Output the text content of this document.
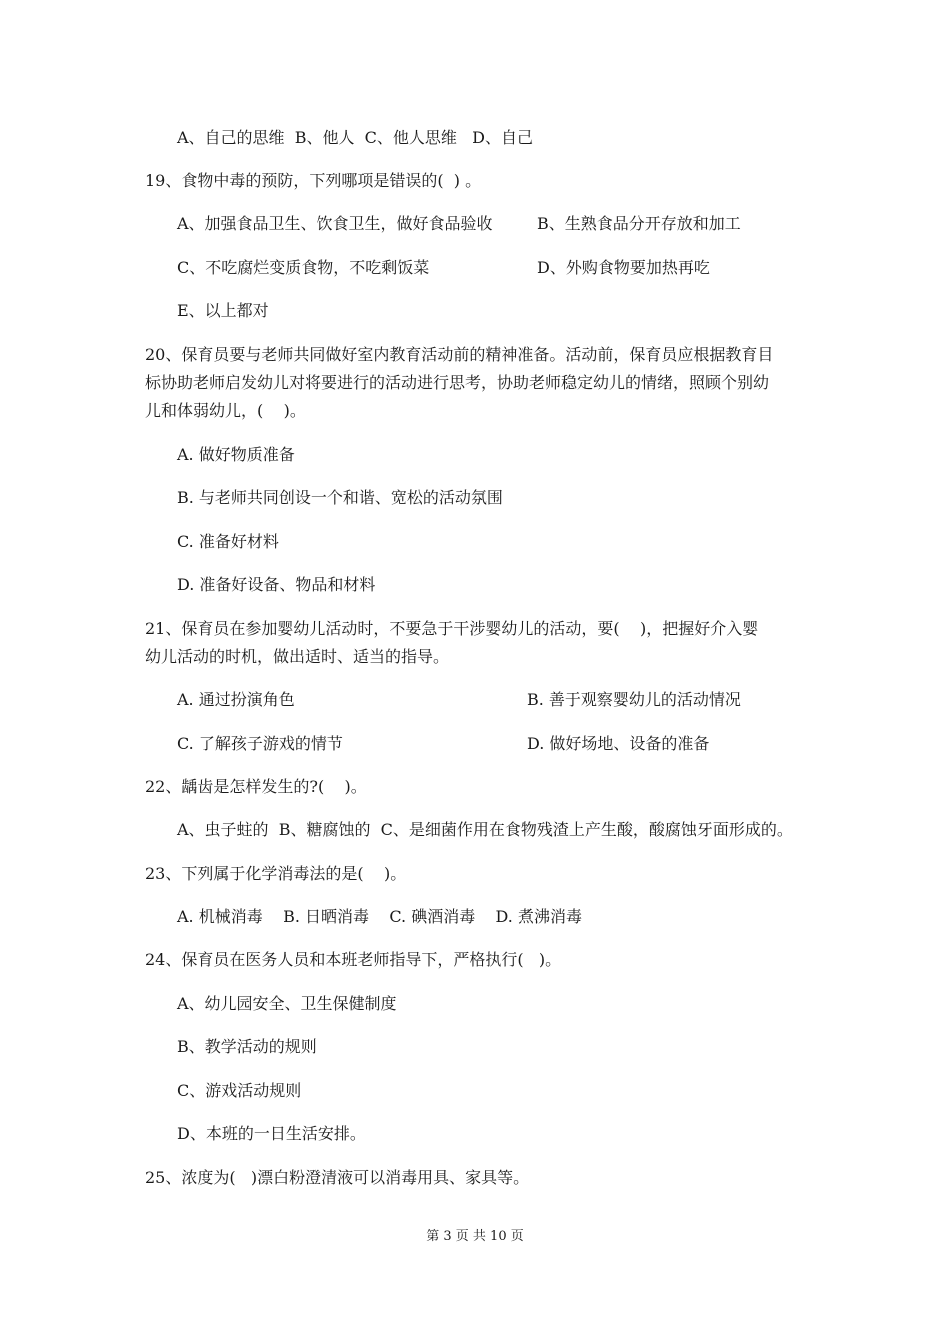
A、自己的思维  B、他人  C、他人思维   D、自己
19、食物中毒的预防，下列哪项是错误的(  ) 。
A、加强食品卫生、饮食卫生，做好食品验收	B、生熟食品分开存放和加工
C、不吃腐烂变质食物，不吃剩饭菜	D、外购食物要加热再吃
E、以上都对
20、保育员要与老师共同做好室内教育活动前的精神准备。活动前，保育员应根据教育目
标协助老师启发幼儿对将要进行的活动进行思考，协助老师稳定幼儿的情绪，照顾个别幼
儿和体弱幼儿，(    )。
A. 做好物质准备
B. 与老师共同创设一个和谐、宽松的活动氛围
C. 准备好材料
D. 准备好设备、物品和材料
21、保育员在参加婴幼儿活动时，不要急于干涉婴幼儿的活动，要(    )，把握好介入婴
幼儿活动的时机，做出适时、适当的指导。
A. 通过扮演角色	B. 善于观察婴幼儿的活动情况
C. 了解孩子游戏的情节	D. 做好场地、设备的准备
22、龋齿是怎样发生的?(    )。
A、虫子蛀的  B、糖腐蚀的  C、是细菌作用在食物残渣上产生酸，酸腐蚀牙面形成的。
23、下列属于化学消毒法的是(    )。
A. 机械消毒    B. 日晒消毒    C. 碘酒消毒    D. 煮沸消毒
24、保育员在医务人员和本班老师指导下，严格执行(   )。
A、幼儿园安全、卫生保健制度
B、教学活动的规则
C、游戏活动规则
D、本班的一日生活安排。
25、浓度为(   )漂白粉澄清液可以消毒用具、家具等。
第 3 页 共 10 页
